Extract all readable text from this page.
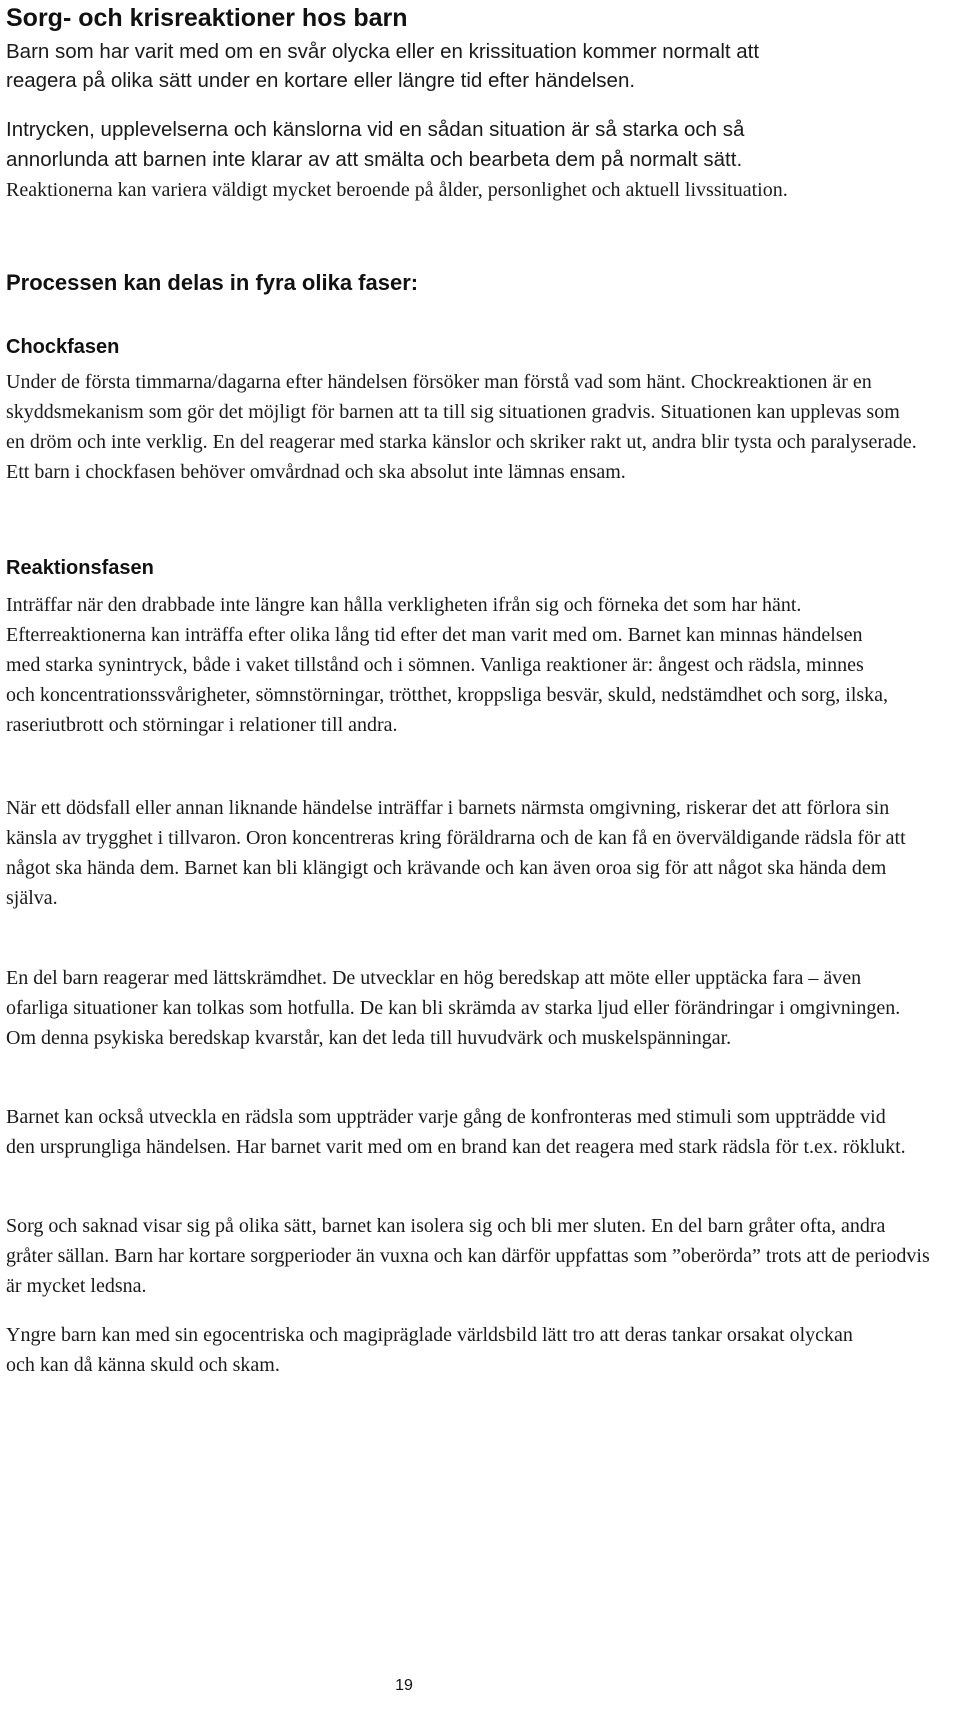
Sorg- och krisreaktioner hos barn

Barn som har varit med om en svår olycka eller en krissituation kommer normalt att

reagera på olika sätt under en kortare eller längre tid efter händelsen.

Intrycken, upplevelserna och känslorna vid en sådan situation är så starka och så

annorlunda att barnen inte klarar av att smälta och bearbeta dem på normalt sätt.

Reaktionerna kan variera väldigt mycket beroende på ålder, personlighet och aktuell livssituation.

Processen kan delas in fyra olika faser:
Chockfasen

Under de första timmarna/dagarna efter händelsen försöker man förstå vad som hänt. Chockreaktionen är en skyddsmekanism som gör det möjligt för barnen att ta till sig situationen gradvis. Situationen kan upplevas som en dröm och inte verklig. En del reagerar med starka känslor och skriker rakt ut, andra blir tysta och paralyserade. Ett barn i chockfasen behöver omvårdnad och ska absolut inte lämnas ensam.

Reaktionsfasen

Inträffar när den drabbade inte längre kan hålla verkligheten ifrån sig och förneka det som har hänt. Efterreaktionerna kan inträffa efter olika lång tid efter det man varit med om. Barnet kan minnas händelsen med starka synintryck, både i vaket tillstånd och i sömnen. Vanliga reaktioner är: ångest och rädsla, minnes och koncentrationssvårigheter, sömnstörningar, trötthet, kroppsliga besvär, skuld, nedstämdhet och sorg, ilska, raseriutbrott och störningar i relationer till andra.

När ett dödsfall eller annan liknande händelse inträffar i barnets närmsta omgivning, riskerar det att förlora sin känsla av trygghet i tillvaron. Oron koncentreras kring föräldrarna och de kan få en överväldigande rädsla för att något ska hända dem. Barnet kan bli klängigt och krävande och kan även oroa sig för att något ska hända dem själva.

En del barn reagerar med lättskrämdhet. De utvecklar en hög beredskap att möte eller upptäcka fara – även ofarliga situationer kan tolkas som hotfulla. De kan bli skrämda av starka ljud eller förändringar i omgivningen. Om denna psykiska beredskap kvarstår, kan det leda till huvudvärk och muskelspänningar.

Barnet kan också utveckla en rädsla som uppträder varje gång de konfronteras med stimuli som uppträdde vid den ursprungliga händelsen. Har barnet varit med om en brand kan det reagera med stark rädsla för t.ex. röklukt.

Sorg och saknad visar sig på olika sätt, barnet kan isolera sig och bli mer sluten. En del barn gråter ofta, andra gråter sällan. Barn har kortare sorgperioder än vuxna och kan därför uppfattas som ”oberörda” trots att de periodvis är mycket ledsna.

Yngre barn kan med sin egocentriska och magipräglade världsbild lätt tro att deras tankar orsakat olyckan och kan då känna skuld och skam.

19
